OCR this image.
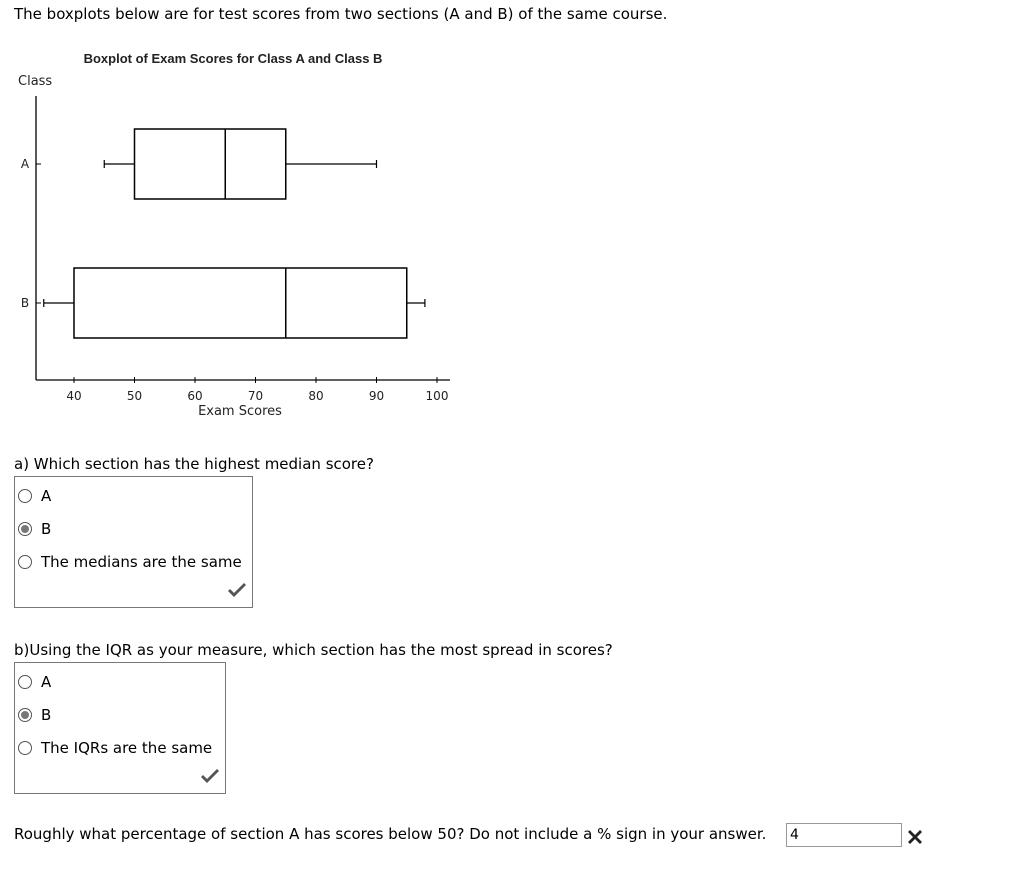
The boxplots below are for test scores from two sections (A and B) of the same course.
Boxplot of Exam Scores for Class A and Class B
Class
40	50	60	70	80	90	100
A
B
Exam Scores
a) Which section has the highest median score?
A
B
The medians are the same
b)Using the IQR as your measure, which section has the most spread in scores?
A
B
The IQRs are the same
Roughly what percentage of section A has scores below 50? Do not include a % sign in your answer.
4
